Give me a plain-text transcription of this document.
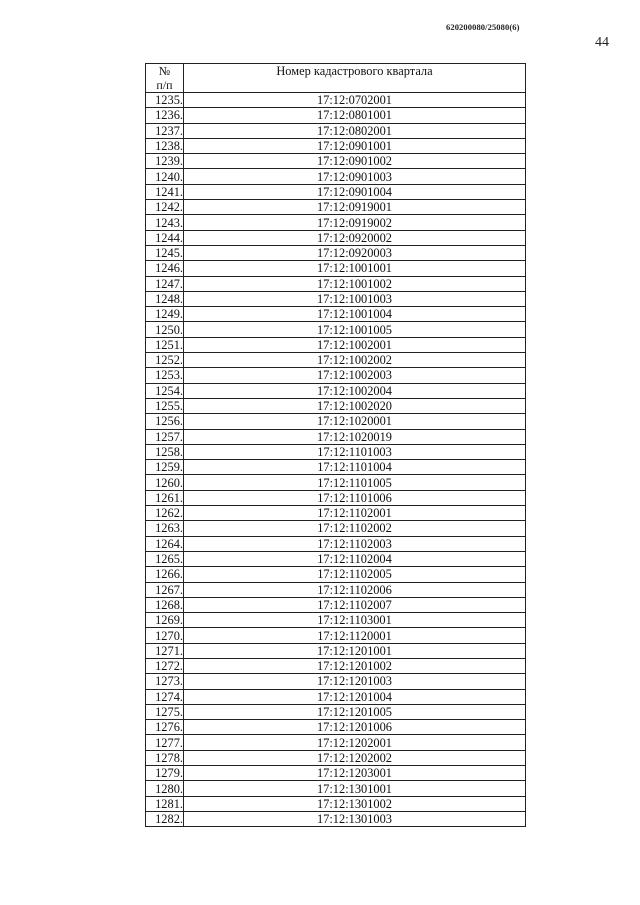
620200080/25080(6)
44
№
п/п	Номер кадастрового квартала
1235.	17:12:0702001
1236.	17:12:0801001
1237.	17:12:0802001
1238.	17:12:0901001
1239.	17:12:0901002
1240.	17:12:0901003
1241.	17:12:0901004
1242.	17:12:0919001
1243.	17:12:0919002
1244.	17:12:0920002
1245.	17:12:0920003
1246.	17:12:1001001
1247.	17:12:1001002
1248.	17:12:1001003
1249.	17:12:1001004
1250.	17:12:1001005
1251.	17:12:1002001
1252.	17:12:1002002
1253.	17:12:1002003
1254.	17:12:1002004
1255.	17:12:1002020
1256.	17:12:1020001
1257.	17:12:1020019
1258.	17:12:1101003
1259.	17:12:1101004
1260.	17:12:1101005
1261.	17:12:1101006
1262.	17:12:1102001
1263.	17:12:1102002
1264.	17:12:1102003
1265.	17:12:1102004
1266.	17:12:1102005
1267.	17:12:1102006
1268.	17:12:1102007
1269.	17:12:1103001
1270.	17:12:1120001
1271.	17:12:1201001
1272.	17:12:1201002
1273.	17:12:1201003
1274.	17:12:1201004
1275.	17:12:1201005
1276.	17:12:1201006
1277.	17:12:1202001
1278.	17:12:1202002
1279.	17:12:1203001
1280.	17:12:1301001
1281.	17:12:1301002
1282.	17:12:1301003
